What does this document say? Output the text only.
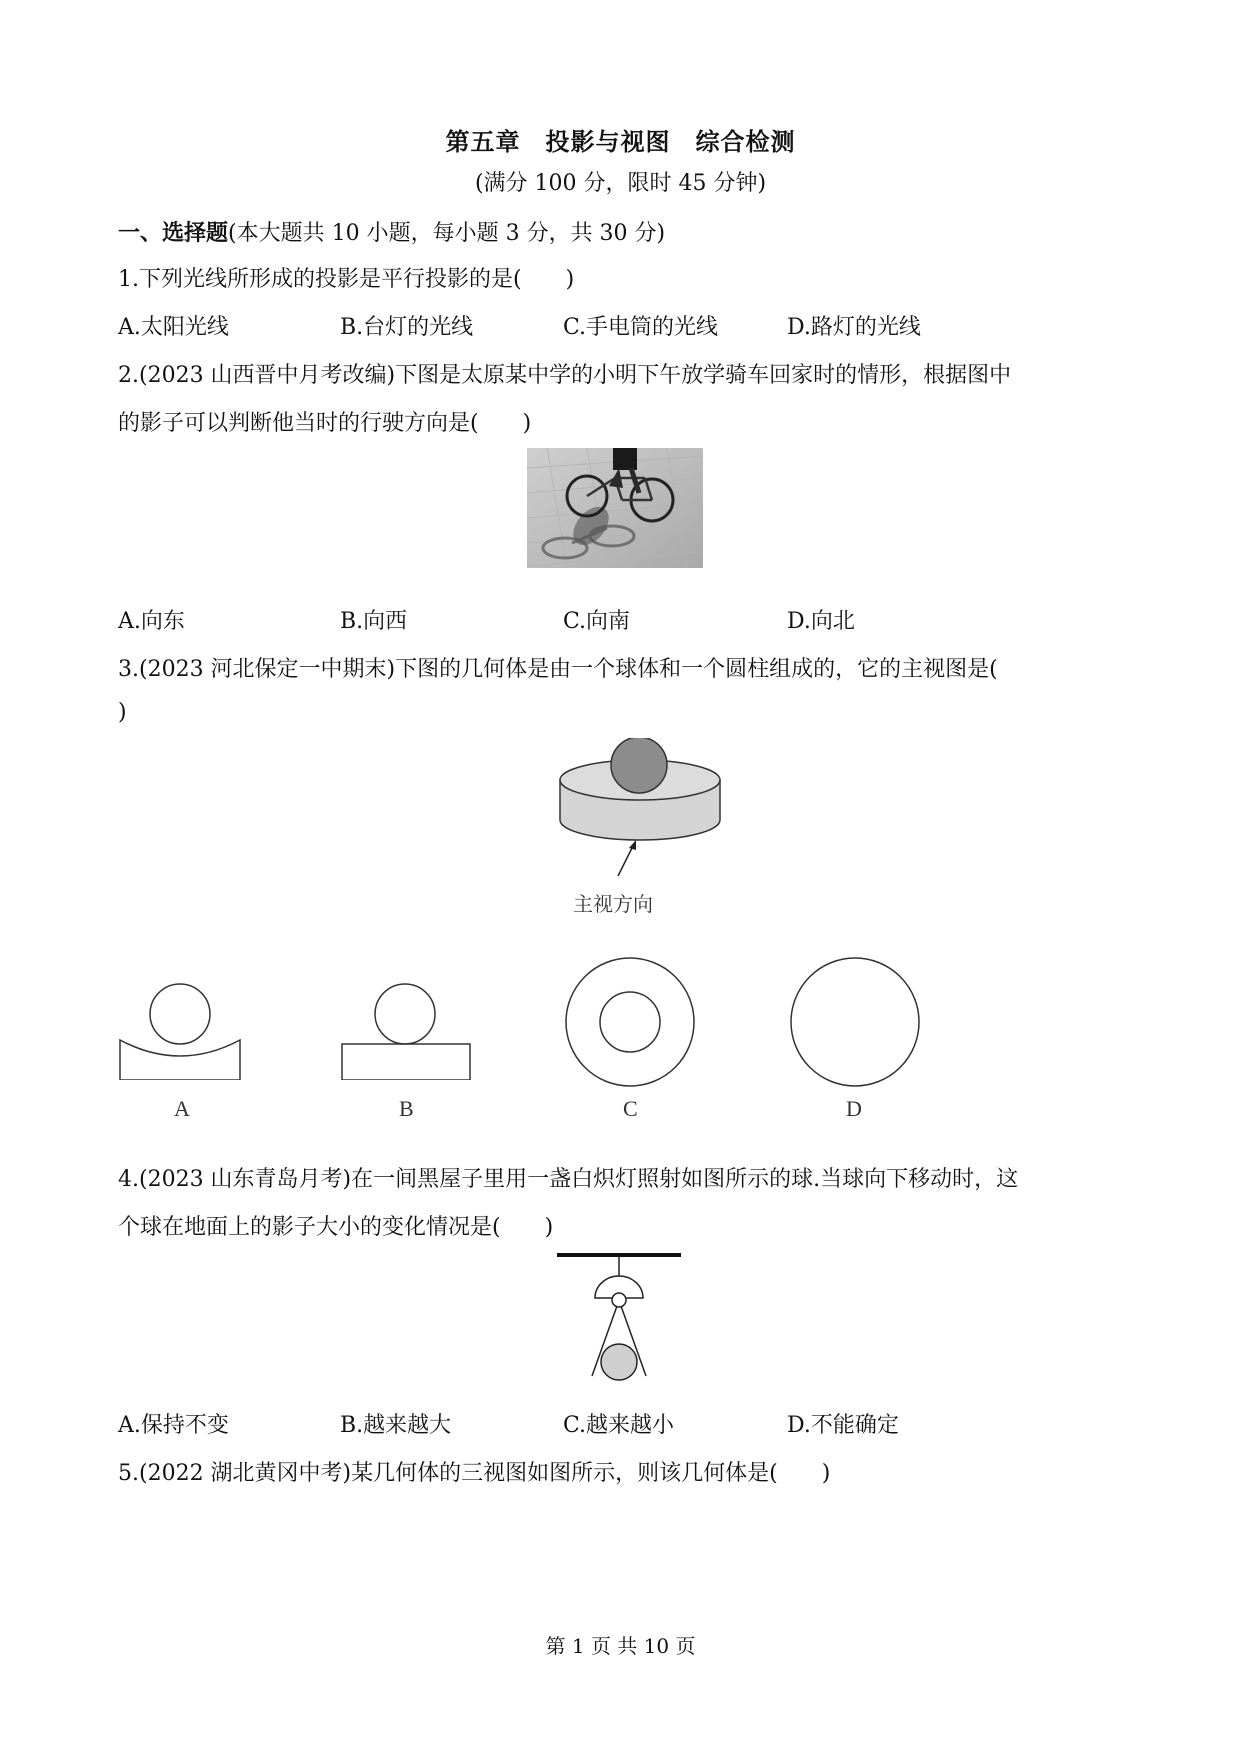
第五章　投影与视图　综合检测
(满分 100 分，限时 45 分钟)
一、选择题(本大题共 10 小题，每小题 3 分，共 30 分)
1.下列光线所形成的投影是平行投影的是(　　)
A.太阳光线	B.台灯的光线	C.手电筒的光线	D.路灯的光线
2.(2023 山西晋中月考改编)下图是太原某中学的小明下午放学骑车回家时的情形，根据图中
的影子可以判断他当时的行驶方向是(　　)
A.向东	B.向西	C.向南	D.向北
3.(2023 河北保定一中期末)下图的几何体是由一个球体和一个圆柱组成的，它的主视图是(
)
主视方向
A	B	C	D
4.(2023 山东青岛月考)在一间黑屋子里用一盏白炽灯照射如图所示的球.当球向下移动时，这
个球在地面上的影子大小的变化情况是(　　)
A.保持不变	B.越来越大	C.越来越小	D.不能确定
5.(2022 湖北黄冈中考)某几何体的三视图如图所示，则该几何体是(　　)
第 1 页 共 10 页
